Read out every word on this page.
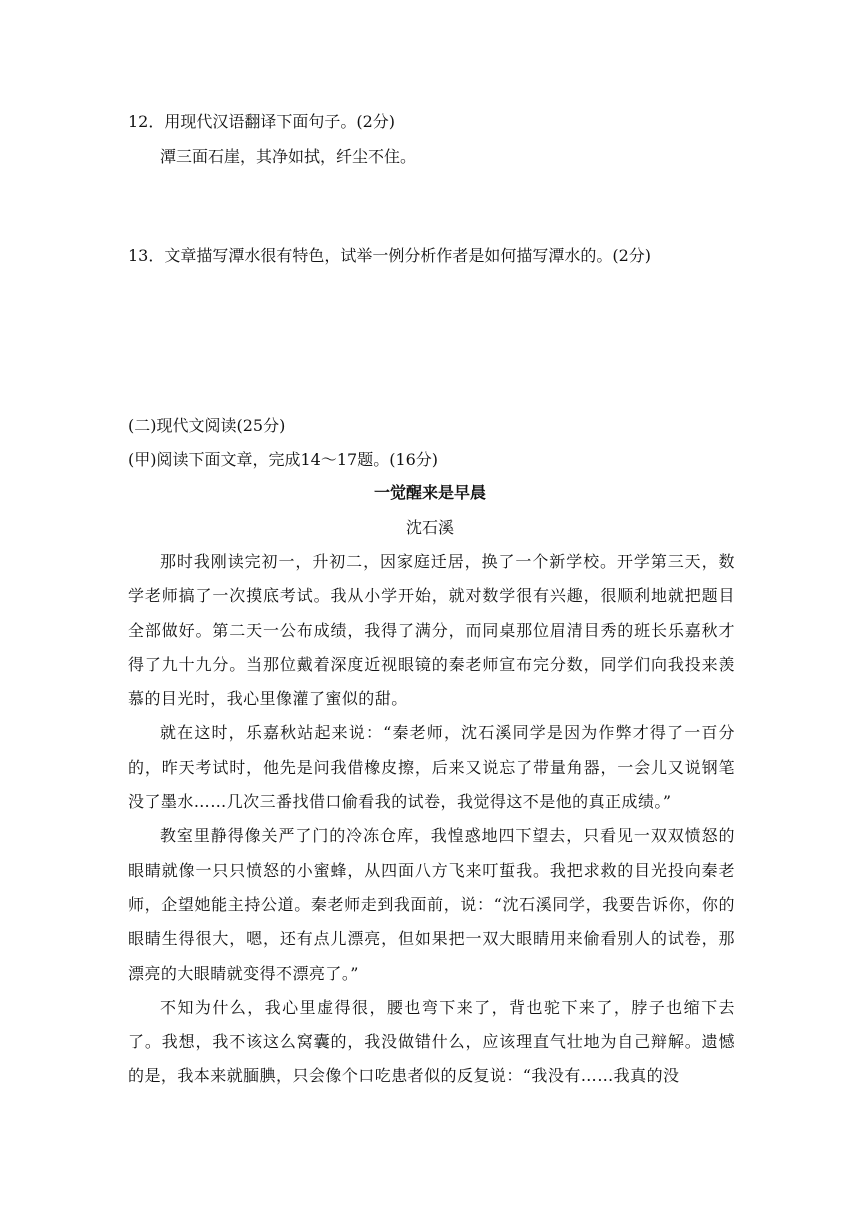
12．用现代汉语翻译下面句子。(2分)
潭三面石崖，其净如拭，纤尘不住。
13．文章描写潭水很有特色，试举一例分析作者是如何描写潭水的。(2分)
(二)现代文阅读(25分)
(甲)阅读下面文章，完成14～17题。(16分)
一觉醒来是早晨
沈石溪

那时我刚读完初一，升初二，因家庭迁居，换了一个新学校。开学第三天，数学老师搞了一次摸底考试。我从小学开始，就对数学很有兴趣，很顺利地就把题目全部做好。第二天一公布成绩，我得了满分，而同桌那位眉清目秀的班长乐嘉秋才得了九十九分。当那位戴着深度近视眼镜的秦老师宣布完分数，同学们向我投来羡慕的目光时，我心里像灌了蜜似的甜。

就在这时，乐嘉秋站起来说：“秦老师，沈石溪同学是因为作弊才得了一百分的，昨天考试时，他先是问我借橡皮擦，后来又说忘了带量角器，一会儿又说钢笔没了墨水……几次三番找借口偷看我的试卷，我觉得这不是他的真正成绩。”

教室里静得像关严了门的冷冻仓库，我惶惑地四下望去，只看见一双双愤怒的眼睛就像一只只愤怒的小蜜蜂，从四面八方飞来叮蜇我。我把求救的目光投向秦老师，企望她能主持公道。秦老师走到我面前，说：“沈石溪同学，我要告诉你，你的眼睛生得很大，嗯，还有点儿漂亮，但如果把一双大眼睛用来偷看别人的试卷，那漂亮的大眼睛就变得不漂亮了。”

不知为什么，我心里虚得很，腰也弯下来了，背也驼下来了，脖子也缩下去了。我想，我不该这么窝囊的，我没做错什么，应该理直气壮地为自己辩解。遗憾的是，我本来就腼腆，只会像个口吃患者似的反复说：“我没有……我真的没
